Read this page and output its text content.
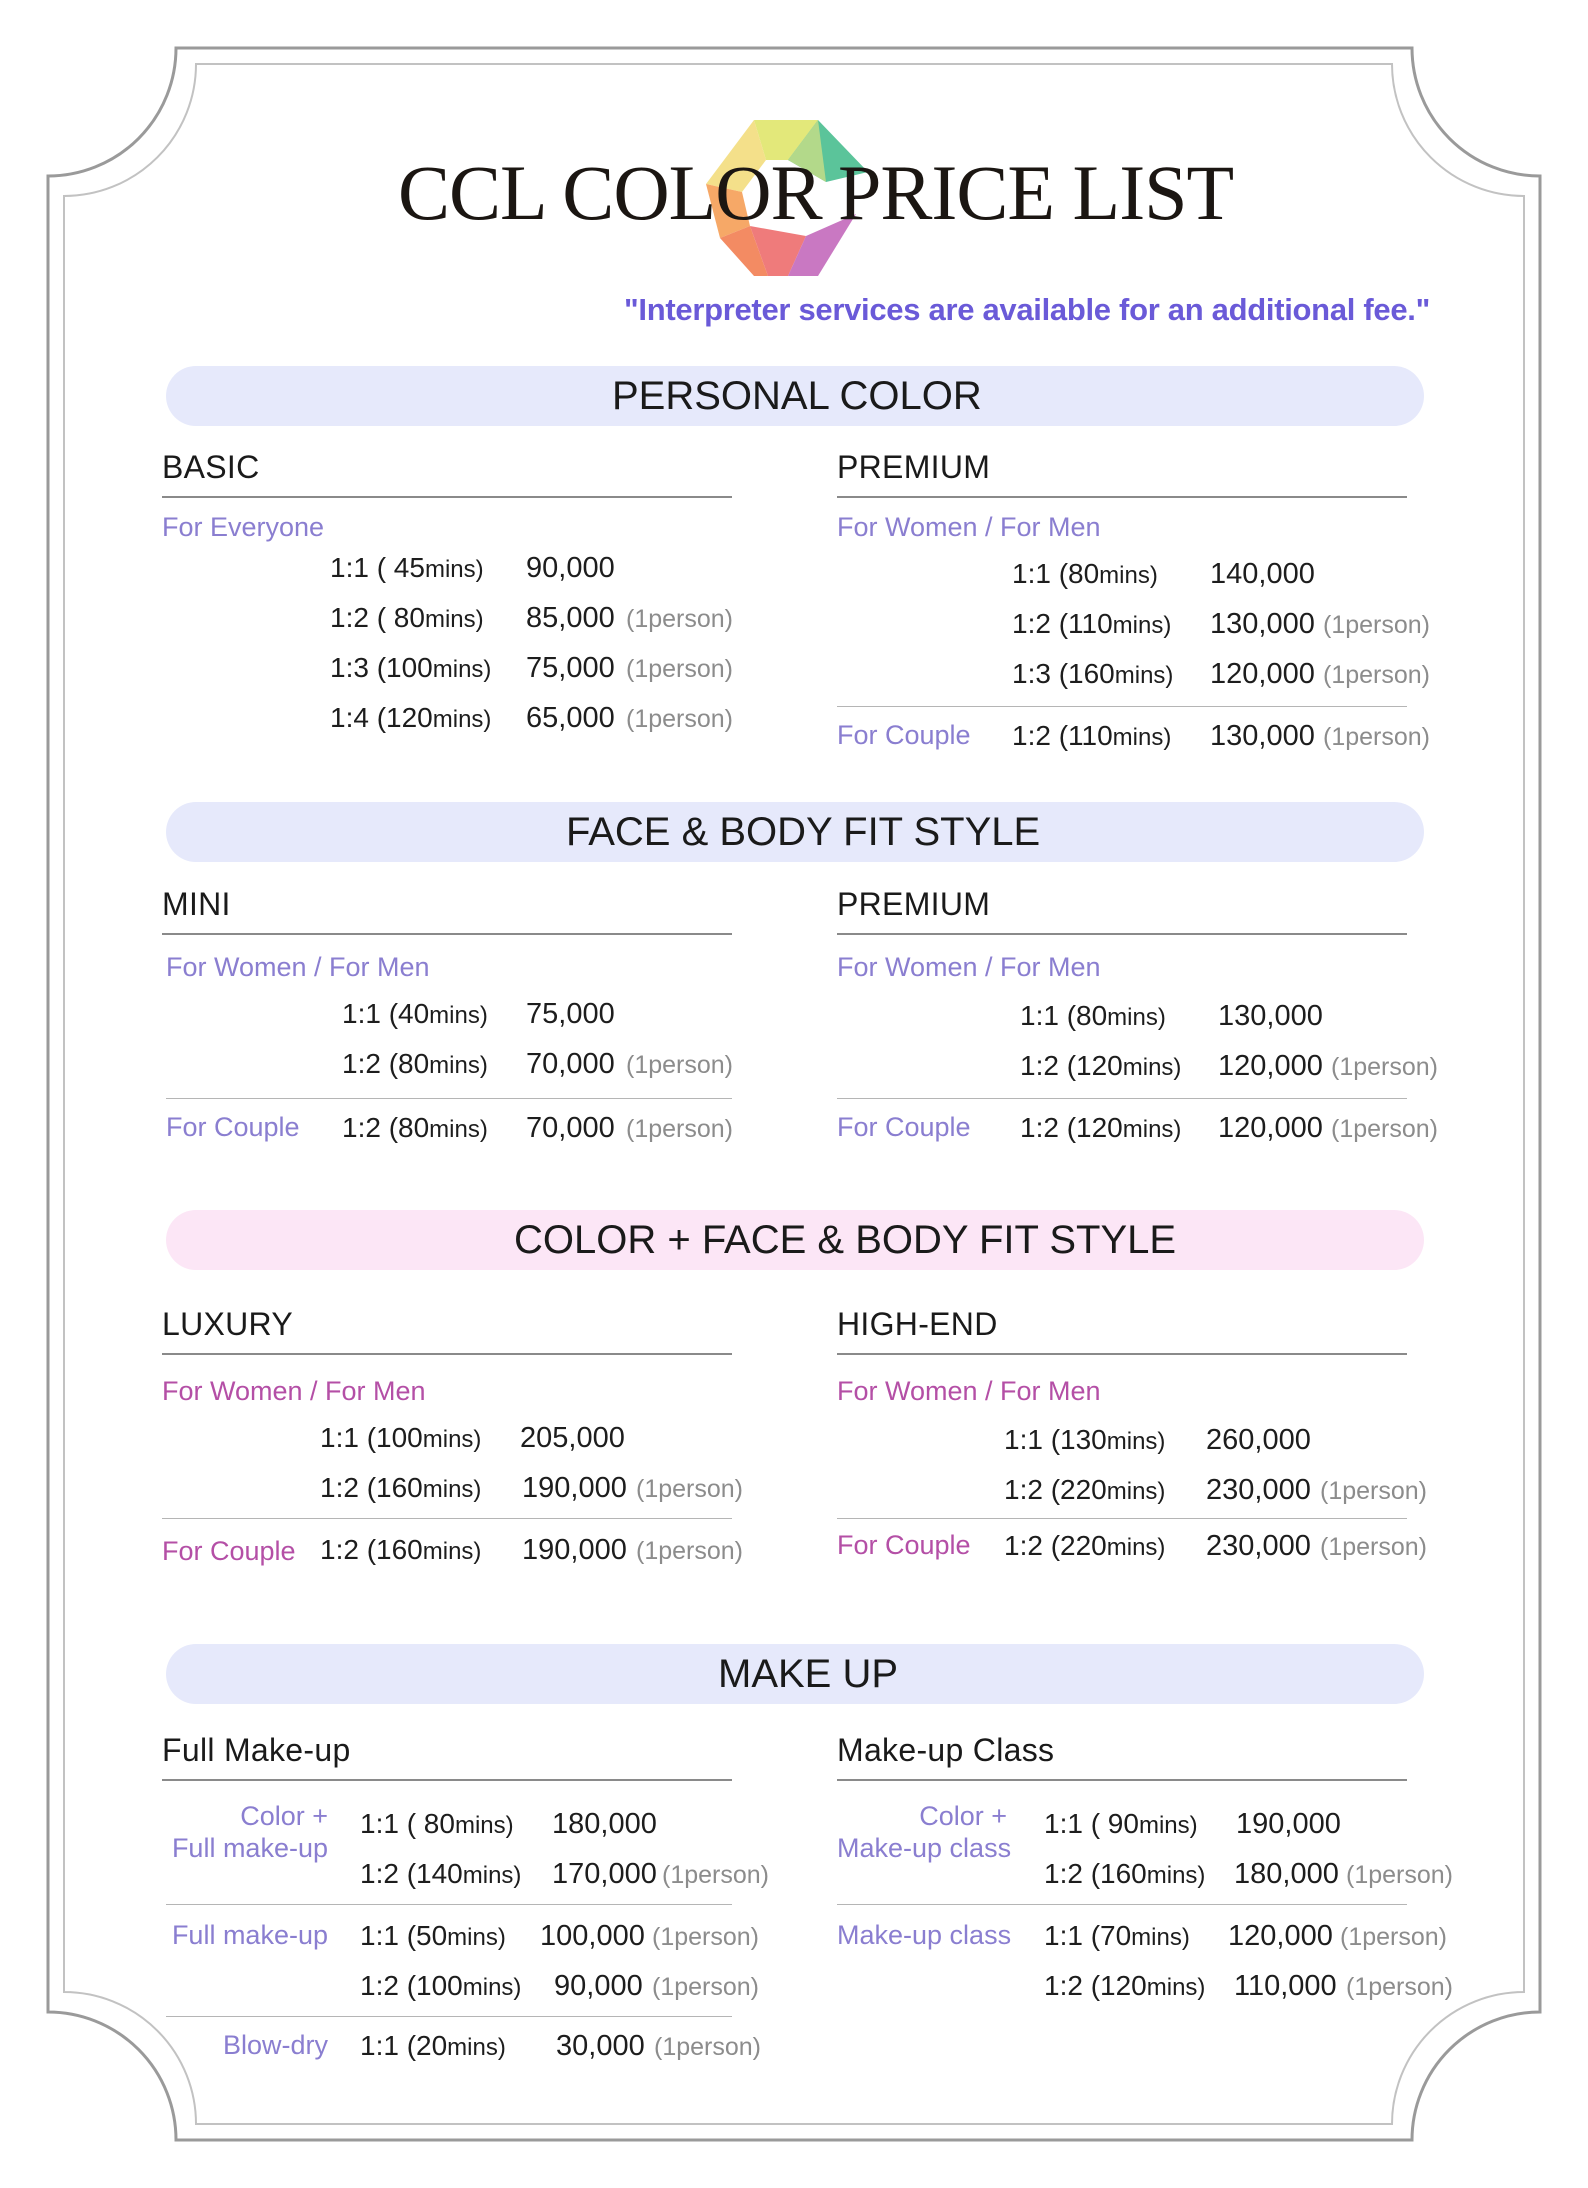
CCL COLOR PRICE LIST
"Interpreter services are available for an additional fee."
PERSONAL COLOR
FACE & BODY FIT STYLE
COLOR + FACE & BODY FIT STYLE
MAKE UP
BASIC
For Everyone
1:1 ( 45mins) 90,000
1:2 ( 80mins) 85,000 (1person)
1:3 (100mins) 75,000 (1person)
1:4 (120mins) 65,000 (1person)
PREMIUM
For Women / For Men
1:1 (80mins) 140,000
1:2 (110mins) 130,000 (1person)
1:3 (160mins) 120,000 (1person)
For Couple 1:2 (110mins) 130,000 (1person)
MINI
For Women / For Men
1:1 (40mins) 75,000
1:2 (80mins) 70,000 (1person)
For Couple 1:2 (80mins) 70,000 (1person)
PREMIUM
For Women / For Men
1:1 (80mins) 130,000
1:2 (120mins) 120,000 (1person)
For Couple 1:2 (120mins) 120,000 (1person)
LUXURY
For Women / For Men
1:1 (100mins) 205,000
1:2 (160mins) 190,000 (1person)
For Couple 1:2 (160mins) 190,000 (1person)
HIGH-END
For Women / For Men
1:1 (130mins) 260,000
1:2 (220mins) 230,000 (1person)
For Couple 1:2 (220mins) 230,000 (1person)
Full Make-up
Color +
Full make-up
1:1 ( 80mins) 180,000
1:2 (140mins) 170,000 (1person)
Full make-up 1:1 (50mins) 100,000 (1person)
1:2 (100mins) 90,000 (1person)
Blow-dry 1:1 (20mins) 30,000 (1person)
Make-up Class
Color +
Make-up class
1:1 ( 90mins) 190,000
1:2 (160mins) 180,000 (1person)
Make-up class 1:1 (70mins) 120,000 (1person)
1:2 (120mins) 110,000 (1person)
